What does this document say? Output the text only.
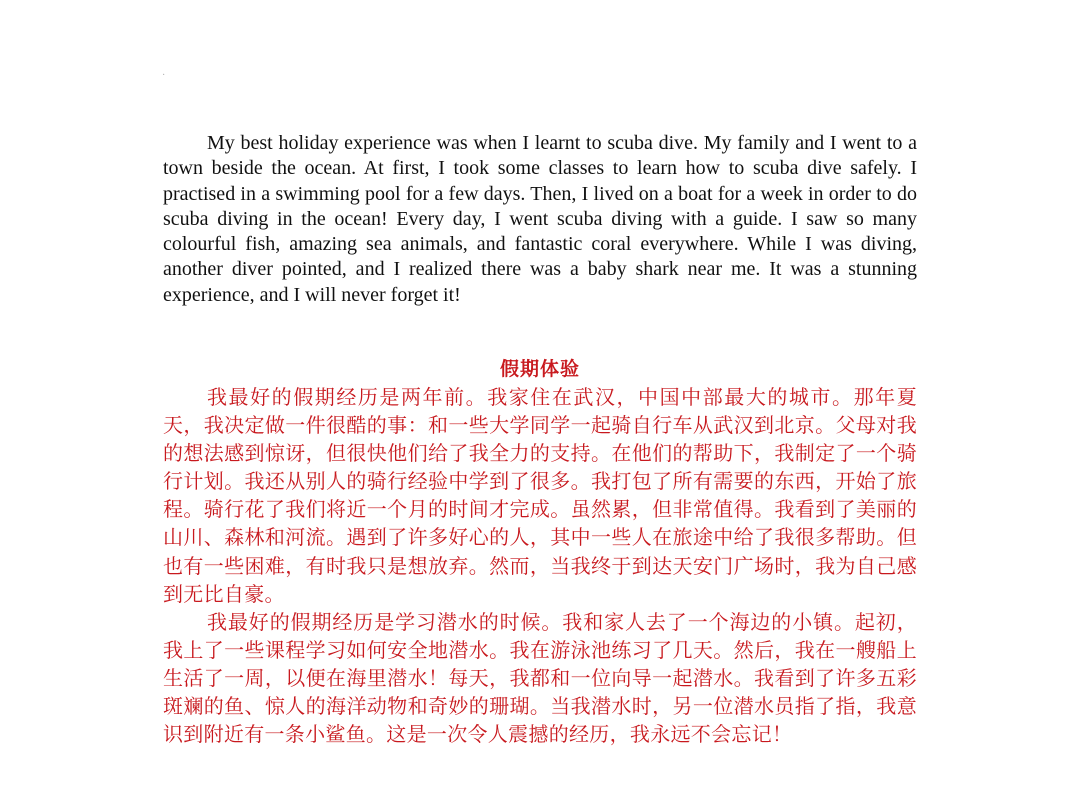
·

My best holiday experience was when I learnt to scuba dive. My family and I went to a town beside the ocean. At first, I took some classes to learn how to scuba dive safely. I practised in a swimming pool for a few days. Then, I lived on a boat for a week in order to do scuba diving in the ocean! Every day, I went scuba diving with a guide. I saw so many colourful fish, amazing sea animals, and fantastic coral everywhere. While I was diving, another diver pointed, and I realized there was a baby shark near me. It was a stunning experience, and I will never forget it!

假期体验

我最好的假期经历是两年前。我家住在武汉，中国中部最大的城市。那年夏天，我决定做一件很酷的事：和一些大学同学一起骑自行车从武汉到北京。父母对我的想法感到惊讶，但很快他们给了我全力的支持。在他们的帮助下，我制定了一个骑行计划。我还从别人的骑行经验中学到了很多。我打包了所有需要的东西，开始了旅程。骑行花了我们将近一个月的时间才完成。虽然累，但非常值得。我看到了美丽的山川、森林和河流。遇到了许多好心的人，其中一些人在旅途中给了我很多帮助。但也有一些困难，有时我只是想放弃。然而，当我终于到达天安门广场时，我为自己感到无比自豪。

我最好的假期经历是学习潜水的时候。我和家人去了一个海边的小镇。起初，我上了一些课程学习如何安全地潜水。我在游泳池练习了几天。然后，我在一艘船上生活了一周，以便在海里潜水！每天，我都和一位向导一起潜水。我看到了许多五彩斑斓的鱼、惊人的海洋动物和奇妙的珊瑚。当我潜水时，另一位潜水员指了指，我意识到附近有一条小鲨鱼。这是一次令人震撼的经历，我永远不会忘记！
